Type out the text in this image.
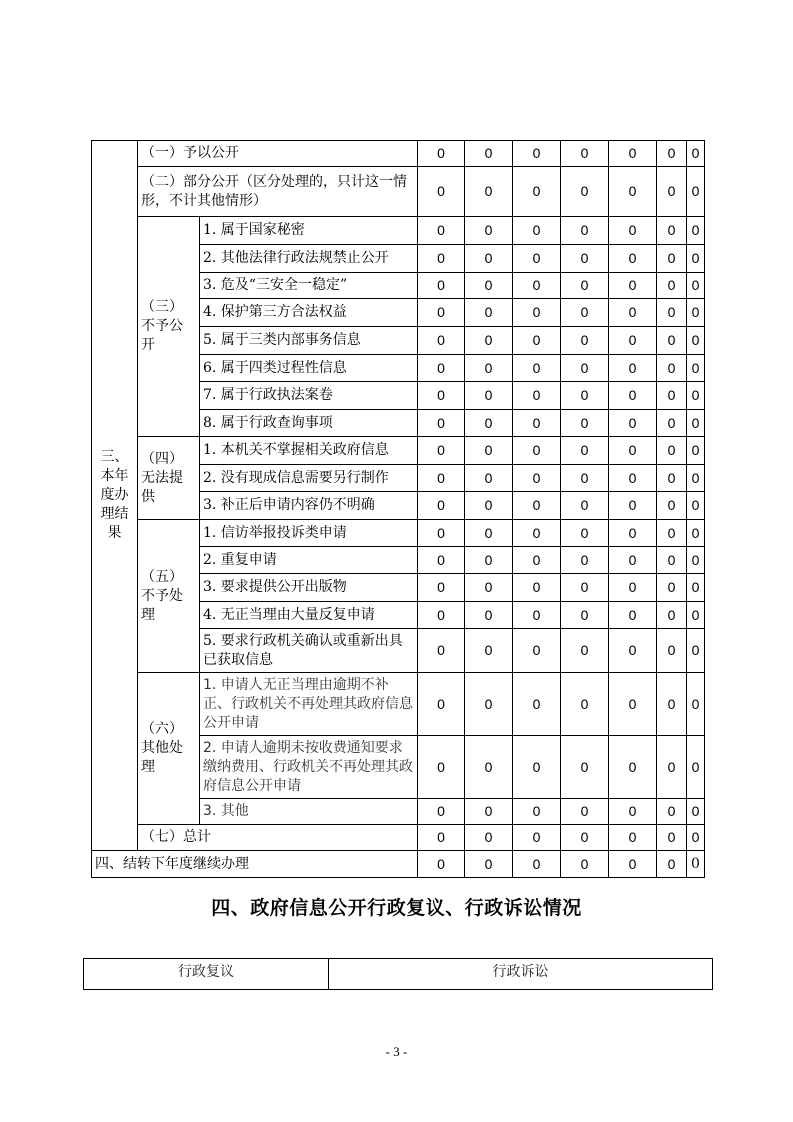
三、本年度办理结果	（一）予以公开		0	0	0	0	0	0	0
	（二）部分公开（区分处理的，只计这一情形，不计其他情形）		0	0	0	0	0	0	0
	（三）不予公开	1. 属于国家秘密	0	0	0	0	0	0	0
		2. 其他法律行政法规禁止公开	0	0	0	0	0	0	0
		3. 危及“三安全一稳定”	0	0	0	0	0	0	0
		4. 保护第三方合法权益	0	0	0	0	0	0	0
		5. 属于三类内部事务信息	0	0	0	0	0	0	0
		6. 属于四类过程性信息	0	0	0	0	0	0	0
		7. 属于行政执法案卷	0	0	0	0	0	0	0
		8. 属于行政查询事项	0	0	0	0	0	0	0
	（四）无法提供	1. 本机关不掌握相关政府信息	0	0	0	0	0	0	0
		2. 没有现成信息需要另行制作	0	0	0	0	0	0	0
		3. 补正后申请内容仍不明确	0	0	0	0	0	0	0
	（五）不予处理	1. 信访举报投诉类申请	0	0	0	0	0	0	0
		2. 重复申请	0	0	0	0	0	0	0
		3. 要求提供公开出版物	0	0	0	0	0	0	0
		4. 无正当理由大量反复申请	0	0	0	0	0	0	0
		5. 要求行政机关确认或重新出具已获取信息	0	0	0	0	0	0	0
	（六）其他处理	1. 申请人无正当理由逾期不补正、行政机关不再处理其政府信息公开申请	0	0	0	0	0	0	0
		2. 申请人逾期未按收费通知要求缴纳费用、行政机关不再处理其政府信息公开申请	0	0	0	0	0	0	0
		3. 其他	0	0	0	0	0	0	0
	（七）总计		0	0	0	0	0	0	0
四、结转下年度继续办理			0	0	0	0	0	0	0
四、政府信息公开行政复议、行政诉讼情况
行政复议	行政诉讼
- 3 -
